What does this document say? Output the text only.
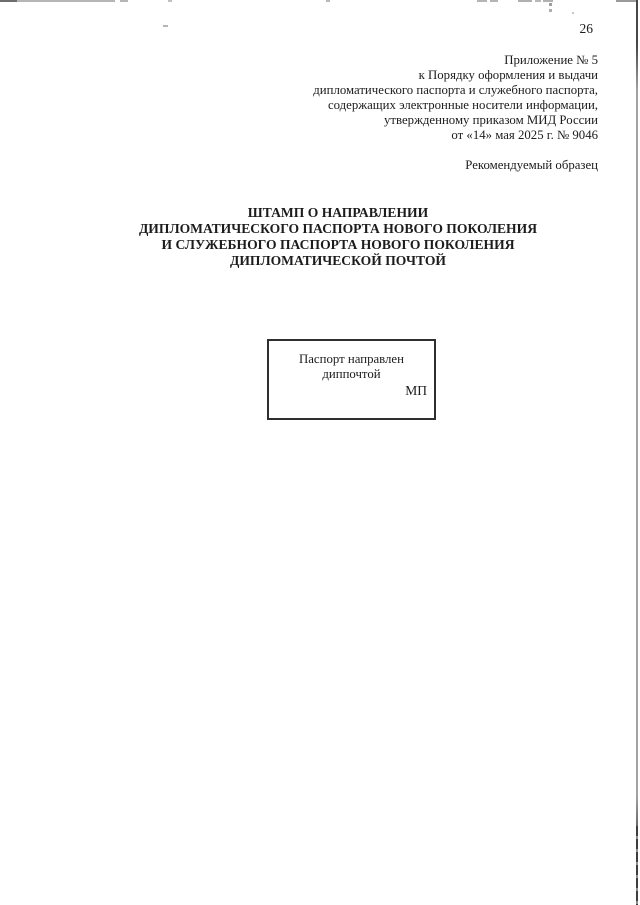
26
Приложение № 5
к Порядку оформления и выдачи
дипломатического паспорта и служебного паспорта,
содержащих электронные носители информации,
утвержденному приказом МИД России
от «14» мая 2025 г. № 9046
Рекомендуемый образец
ШТАМП О НАПРАВЛЕНИИ
ДИПЛОМАТИЧЕСКОГО ПАСПОРТА НОВОГО ПОКОЛЕНИЯ
И СЛУЖЕБНОГО ПАСПОРТА НОВОГО ПОКОЛЕНИЯ
ДИПЛОМАТИЧЕСКОЙ ПОЧТОЙ
Паспорт направлен
диппочтой
МП
